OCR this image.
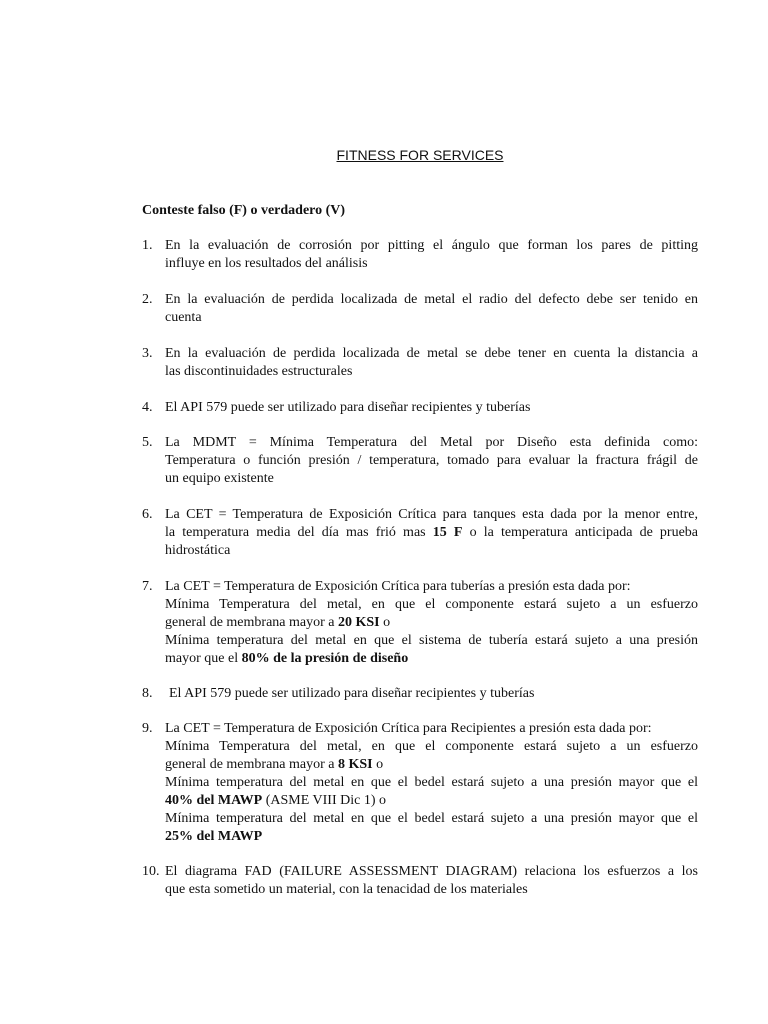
FITNESS FOR SERVICES
Conteste falso (F) o verdadero (V)
1. En la evaluación de corrosión por pitting el ángulo que forman los pares de pitting
influye en los resultados del análisis
2. En la evaluación de perdida localizada de metal el radio del defecto debe ser tenido en
cuenta
3. En la evaluación de perdida localizada de metal se debe tener en cuenta la distancia a
las discontinuidades estructurales
4. El API 579 puede ser utilizado para diseñar recipientes y tuberías
5. La MDMT = Mínima Temperatura del Metal por Diseño esta definida como:
Temperatura o función presión / temperatura, tomado para evaluar la fractura frágil de
un equipo existente
6. La CET = Temperatura de Exposición Crítica para tanques esta dada por la menor entre,
la temperatura media del día mas frió mas 15 F o la temperatura anticipada de prueba
hidrostática
7. La CET = Temperatura de Exposición Crítica para tuberías a presión esta dada por:
Mínima Temperatura del metal, en que el componente estará sujeto a un esfuerzo
general de membrana mayor a 20 KSI o
Mínima temperatura del metal en que el sistema de tubería estará sujeto a una presión
mayor que el 80% de la presión de diseño
8.	El API 579 puede ser utilizado para diseñar recipientes y tuberías
9. La CET = Temperatura de Exposición Crítica para Recipientes a presión esta dada por:
Mínima Temperatura del metal, en que el componente estará sujeto a un esfuerzo
general de membrana mayor a 8 KSI o
Mínima temperatura del metal en que el bedel estará sujeto a una presión mayor que el
40% del MAWP (ASME VIII Dic 1) o
Mínima temperatura del metal en que el bedel estará sujeto a una presión mayor que el
25% del MAWP
10. El diagrama FAD (FAILURE ASSESSMENT DIAGRAM) relaciona los esfuerzos a los
que esta sometido un material, con la tenacidad de los materiales
